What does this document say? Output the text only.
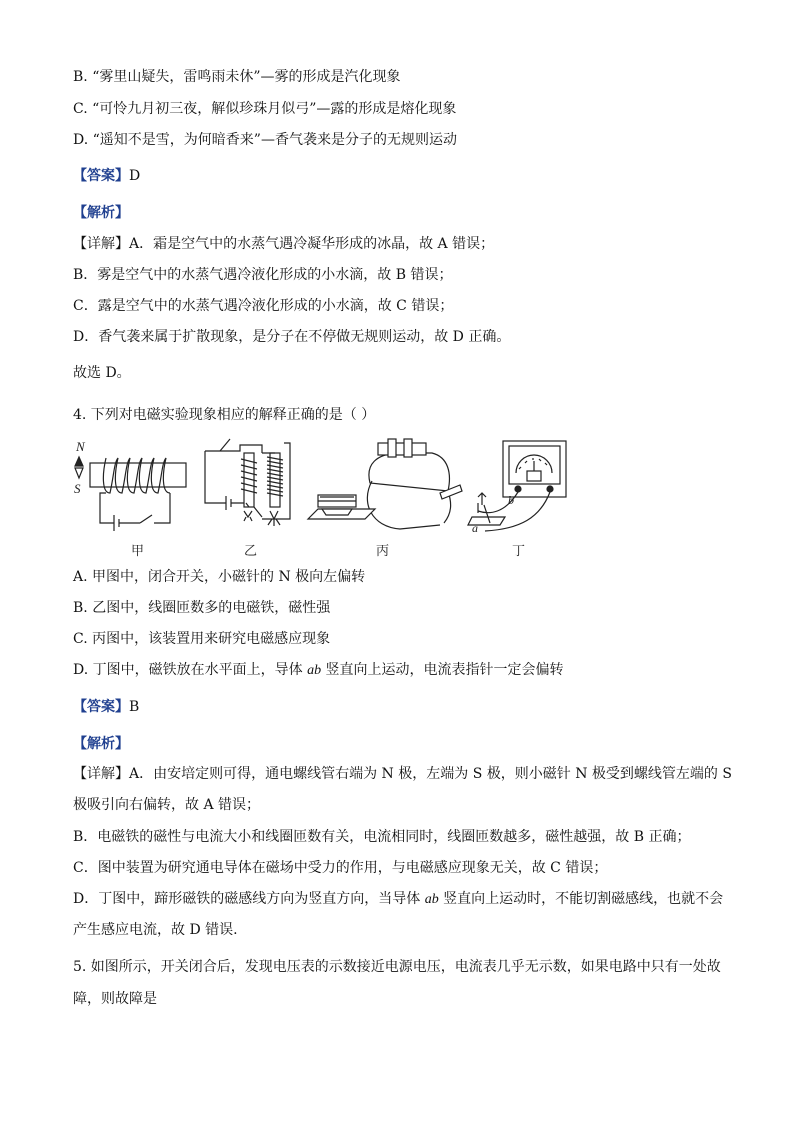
B. “雾里山疑失，雷鸣雨未休”—雾的形成是汽化现象
C. “可怜九月初三夜，解似珍珠月似弓”—露的形成是熔化现象
D. “遥知不是雪，为何暗香来”—香气袭来是分子的无规则运动
【答案】D
【解析】
【详解】A．霜是空气中的水蒸气遇冷凝华形成的冰晶，故 A 错误；
B．雾是空气中的水蒸气遇冷液化形成的小水滴，故 B 错误；
C．露是空气中的水蒸气遇冷液化形成的小水滴，故 C 错误；
D．香气袭来属于扩散现象，是分子在不停做无规则运动，故 D 正确。
故选 D。
4. 下列对电磁实验现象相应的解释正确的是（ ）
N
S
b
a
甲	乙	丙	丁
A. 甲图中，闭合开关，小磁针的 N 极向左偏转
B. 乙图中，线圈匝数多的电磁铁，磁性强
C. 丙图中，该装置用来研究电磁感应现象
D. 丁图中，磁铁放在水平面上，导体 ab 竖直向上运动，电流表指针一定会偏转
【答案】B
【解析】
【详解】A．由安培定则可得，通电螺线管右端为 N 极，左端为 S 极，则小磁针 N 极受到螺线管左端的 S
极吸引向右偏转，故 A 错误；
B．电磁铁的磁性与电流大小和线圈匝数有关，电流相同时，线圈匝数越多，磁性越强，故 B 正确；
C．图中装置为研究通电导体在磁场中受力的作用，与电磁感应现象无关，故 C 错误；
D．丁图中，蹄形磁铁的磁感线方向为竖直方向，当导体 ab 竖直向上运动时，不能切割磁感线，也就不会
产生感应电流，故 D 错误.
5. 如图所示，开关闭合后，发现电压表的示数接近电源电压，电流表几乎无示数，如果电路中只有一处故
障，则故障是
